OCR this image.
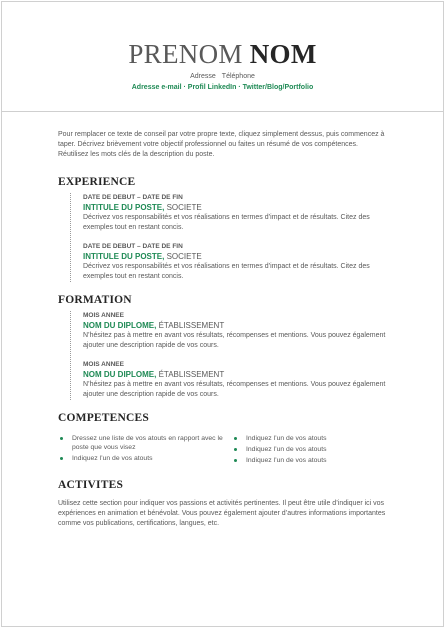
PRENOM NOM
Adresse Téléphone
Adresse e-mail · Profil LinkedIn · Twitter/Blog/Portfolio

Pour remplacer ce texte de conseil par votre propre texte, cliquez simplement dessus, puis commencez à taper. Décrivez brièvement votre objectif professionnel ou faites un résumé de vos compétences. Réutilisez les mots clés de la description du poste.

EXPERIENCE
DATE DE DEBUT – DATE DE FIN
INTITULE DU POSTE, SOCIETE
Décrivez vos responsabilités et vos réalisations en termes d’impact et de résultats. Citez des exemples tout en restant concis.
DATE DE DEBUT – DATE DE FIN
INTITULE DU POSTE, SOCIETE
Décrivez vos responsabilités et vos réalisations en termes d’impact et de résultats. Citez des exemples tout en restant concis.
FORMATION
MOIS ANNEE
NOM DU DIPLOME, ÉTABLISSEMENT
N’hésitez pas à mettre en avant vos résultats, récompenses et mentions. Vous pouvez également ajouter une description rapide de vos cours.
MOIS ANNEE
NOM DU DIPLOME, ÉTABLISSEMENT
N’hésitez pas à mettre en avant vos résultats, récompenses et mentions. Vous pouvez également ajouter une description rapide de vos cours.
COMPETENCES
Dressez une liste de vos atouts en rapport avec le poste que vous visez
Indiquez l’un de vos atouts
Indiquez l’un de vos atouts
Indiquez l’un de vos atouts
Indiquez l’un de vos atouts
ACTIVITES

Utilisez cette section pour indiquer vos passions et activités pertinentes. Il peut être utile d’indiquer ici vos expériences en animation et bénévolat. Vous pouvez également ajouter d’autres informations importantes comme vos publications, certifications, langues, etc.
